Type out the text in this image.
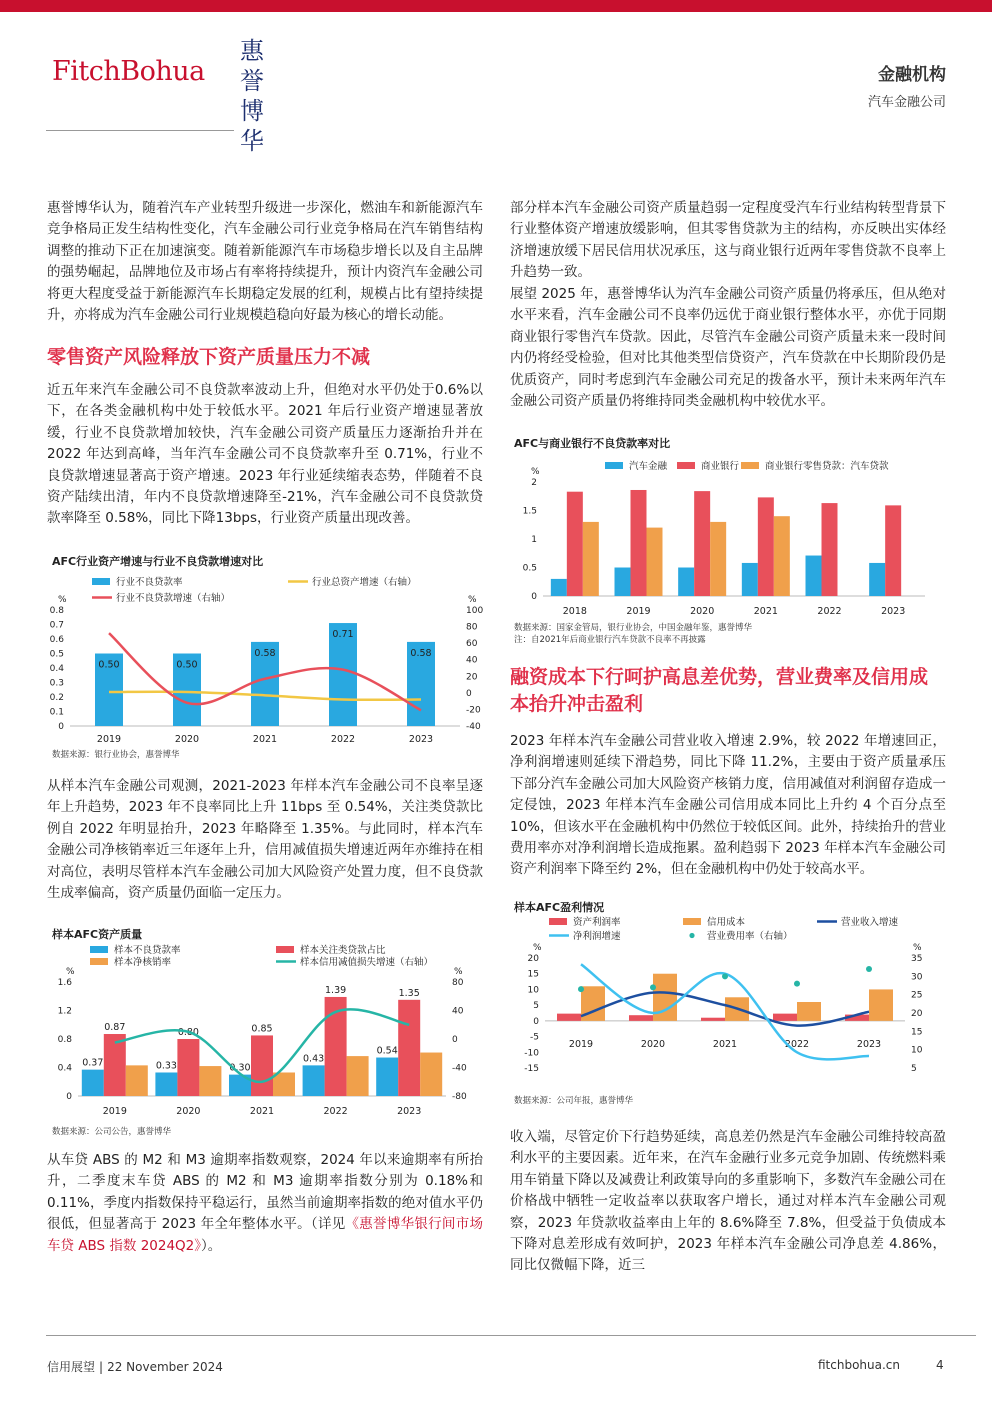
FitchBohua
惠誉博华
金融机构
汽车金融公司

惠誉博华认为，随着汽车产业转型升级进一步深化，燃油车和新能源汽车竞争格局正发生结构性变化，汽车金融公司行业竞争格局在汽车销售结构调整的推动下正在加速演变。随着新能源汽车市场稳步增长以及自主品牌的强势崛起，品牌地位及市场占有率将持续提升，预计内资汽车金融公司将更大程度受益于新能源汽车长期稳定发展的红利，规模占比有望持续提升，亦将成为汽车金融公司行业规模趋稳向好最为核心的增长动能。

零售资产风险释放下资产质量压力不减

近五年来汽车金融公司不良贷款率波动上升，但绝对水平仍处于0.6%以下，在各类金融机构中处于较低水平。2021 年后行业资产增速显著放缓，行业不良贷款增加较快，汽车金融公司资产质量压力逐渐抬升并在 2022 年达到高峰，当年汽车金融公司不良贷款率升至 0.71%，行业不良贷款增速显著高于资产增速。2023 年行业延续缩表态势，伴随着不良资产陆续出清，年内不良贷款增速降至-21%，汽车金融公司不良贷款贷款率降至 0.58%，同比下降13bps，行业资产质量出现改善。

AFC行业资产增速与行业不良贷款增速对比
行业不良贷款率	行业总资产增速（右轴）
行业不良贷款增速（右轴）
%	%
0
0.1
0.2
0.3
0.4
0.5
0.6
0.7
0.8
-40
-20
0
20
40
60
80
100
2019	2020	2021	2022	2023
0.50	0.50
0.58
0.71
0.58
数据来源：银行业协会，惠誉博华

从样本汽车金融公司观测，2021-2023 年样本汽车金融公司不良率呈逐年上升趋势，2023 年不良率同比上升 11bps 至 0.54%，关注类贷款比例自 2022 年明显抬升，2023 年略降至 1.35%。与此同时，样本汽车金融公司净核销率近三年逐年上升，信用减值损失增速近两年亦维持在相对高位，表明尽管样本汽车金融公司加大风险资产处置力度，但不良贷款生成率偏高，资产质量仍面临一定压力。

样本AFC资产质量
样本不良贷款率	样本关注类贷款占比
样本净核销率	样本信用减值损失增速（右轴）
%	%
0
0.4
0.8
1.2
1.6
-80
-40
0
40
80
2019	2020	2021	2022	2023
0.37	0.33	0.30
0.43
0.54
0.87	0.80	0.85
1.39	1.35
数据来源：公司公告，惠誉博华

从车贷 ABS 的 M2 和 M3 逾期率指数观察，2024 年以来逾期率有所抬升，二季度末车贷 ABS 的 M2 和 M3 逾期率指数分别为 0.18%和 0.11%，季度内指数保持平稳运行，虽然当前逾期率指数的绝对值水平仍很低，但显著高于 2023 年全年整体水平。（详见《惠誉博华银行间市场车贷 ABS 指数 2024Q2》）。

部分样本汽车金融公司资产质量趋弱一定程度受汽车行业结构转型背景下行业整体资产增速放缓影响，但其零售贷款为主的结构，亦反映出实体经济增速放缓下居民信用状况承压，这与商业银行近两年零售贷款不良率上升趋势一致。

展望 2025 年，惠誉博华认为汽车金融公司资产质量仍将承压，但从绝对水平来看，汽车金融公司不良率仍远优于商业银行整体水平，亦优于同期商业银行零售汽车贷款。因此，尽管汽车金融公司资产质量未来一段时间内仍将经受检验，但对比其他类型信贷资产，汽车贷款在中长期阶段仍是优质资产，同时考虑到汽车金融公司充足的拨备水平，预计未来两年汽车金融公司资产质量仍将维持同类金融机构中较优水平。

AFC与商业银行不良贷款率对比
汽车金融	商业银行	商业银行零售贷款：汽车贷款
%
0
0.5
1
1.5
2
2018	2019	2020	2021	2022	2023
数据来源：国家金管局，银行业协会，中国金融年鉴，惠誉博华
注：自2021年后商业银行汽车贷款不良率不再披露

融资成本下行呵护高息差优势，营业费率及信用成本抬升冲击盈利

2023 年样本汽车金融公司营业收入增速 2.9%，较 2022 年增速回正，净利润增速则延续下滑趋势，同比下降 11.2%，主要由于资产质量承压下部分汽车金融公司加大风险资产核销力度，信用减值对利润留存造成一定侵蚀，2023 年样本汽车金融公司信用成本同比上升约 4 个百分点至 10%，但该水平在金融机构中仍然位于较低区间。此外，持续抬升的营业费用率亦对净利润增长造成拖累。盈利趋弱下 2023 年样本汽车金融公司资产利润率下降至约 2%，但在金融机构中仍处于较高水平。

样本AFC盈利情况
资产利润率	信用成本	营业收入增速
净利润增速	营业费用率（右轴）
%	%
-15
-10
-5
0
5
10
15
20
5
10
15
20
25
30
35
2019	2020	2021	2022	2023
数据来源：公司年报，惠誉博华

收入端，尽管定价下行趋势延续，高息差仍然是汽车金融公司维持较高盈利水平的主要因素。近年来，在汽车金融行业多元竞争加剧、传统燃料乘用车销量下降以及减费让利政策导向的多重影响下，多数汽车金融公司在价格战中牺牲一定收益率以获取客户增长，通过对样本汽车金融公司观察，2023 年贷款收益率由上年的 8.6%降至 7.8%，但受益于负债成本下降对息差形成有效呵护，2023 年样本汽车金融公司净息差 4.86%，同比仅微幅下降，近三

信用展望 | 22 November 2024	fitchbohua.cn	4
